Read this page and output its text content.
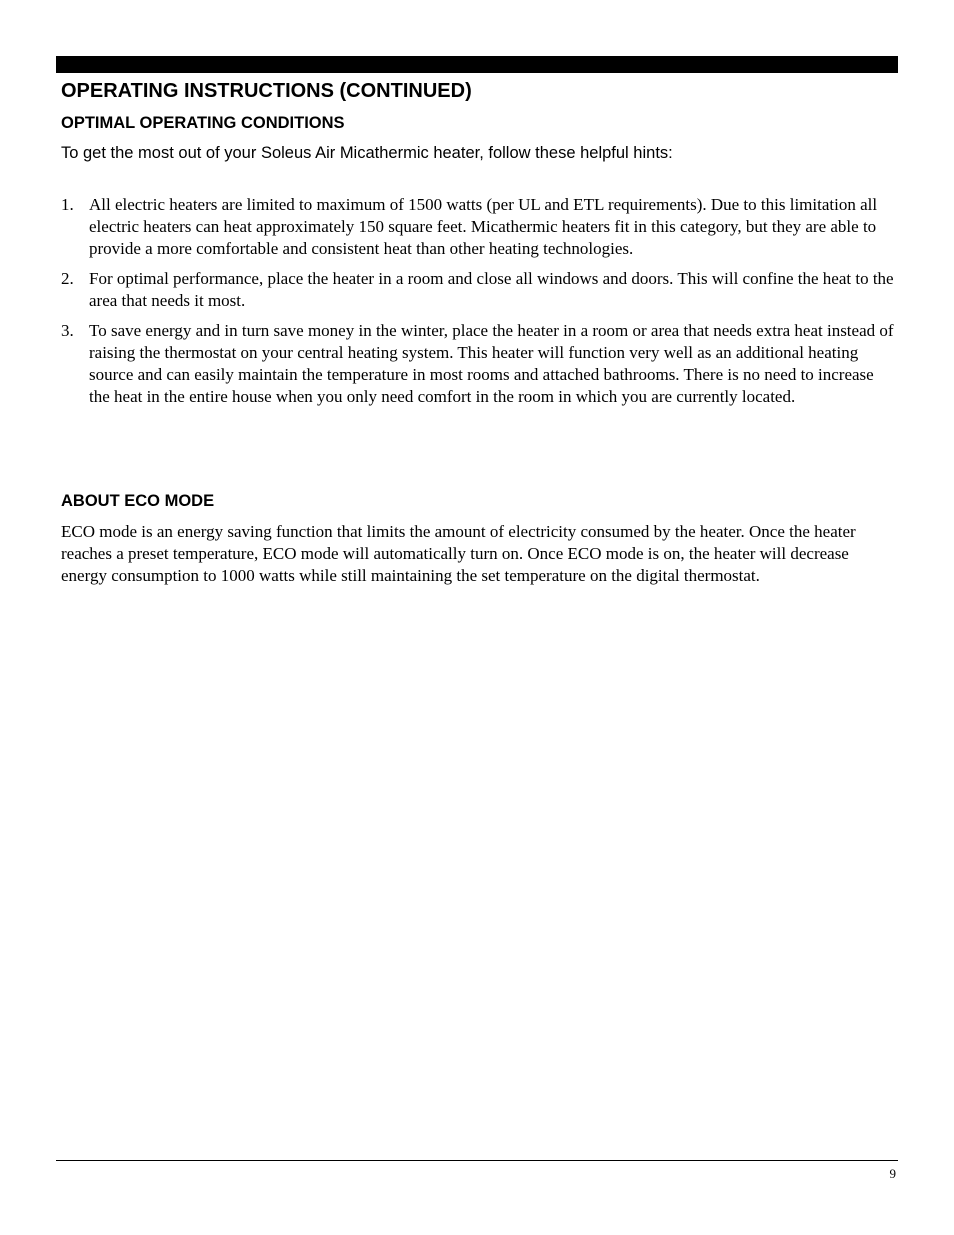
OPERATING INSTRUCTIONS (CONTINUED)
OPTIMAL OPERATING CONDITIONS

To get the most out of your Soleus Air Micathermic heater, follow these helpful hints:

1. All electric heaters are limited to maximum of 1500 watts (per UL and ETL requirements). Due to this limitation all electric heaters can heat approximately 150 square feet. Micathermic heaters fit in this category, but they are able to provide a more comfortable and consistent heat than other heating technologies.
2. For optimal performance, place the heater in a room and close all windows and doors. This will confine the heat to the area that needs it most.
3. To save energy and in turn save money in the winter, place the heater in a room or area that needs extra heat instead of raising the thermostat on your central heating system. This heater will function very well as an additional heating source and can easily maintain the temperature in most rooms and attached bathrooms. There is no need to increase the heat in the entire house when you only need comfort in the room in which you are currently located.
ABOUT ECO MODE

ECO mode is an energy saving function that limits the amount of electricity consumed by the heater. Once the heater reaches a preset temperature, ECO mode will automatically turn on. Once ECO mode is on, the heater will decrease energy consumption to 1000 watts while still maintaining the set temperature on the digital thermostat.

9
